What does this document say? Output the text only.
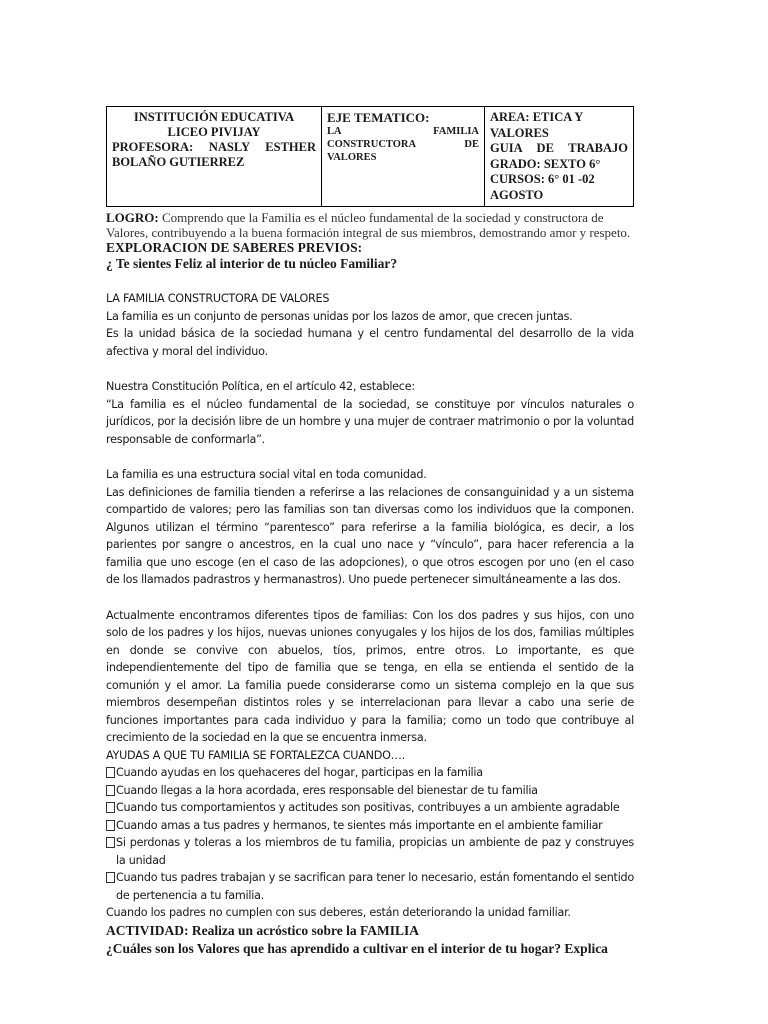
INSTITUCIÓN EDUCATIVA
LICEO PIVIJAY
PROFESORA: NASLY ESTHER
BOLAÑO GUTIERREZ

EJE TEMATICO:
LA FAMILIA
CONSTRUCTORA DE
VALORES

AREA: ETICA Y VALORES
GUIA DE TRABAJO
GRADO: SEXTO 6°
CURSOS: 6° 01 -02 AGOSTO
LOGRO: Comprendo que la Familia es el núcleo fundamental de la sociedad y constructora de Valores, contribuyendo a la buena formación integral de sus miembros, demostrando amor y respeto.
EXPLORACION DE SABERES PREVIOS:
¿ Te sientes Feliz al interior de tu núcleo Familiar?
LA FAMILIA CONSTRUCTORA DE VALORES
La familia es un conjunto de personas unidas por los lazos de amor, que crecen juntas.
Es la unidad básica de la sociedad humana y el centro fundamental del desarrollo de la vida afectiva y moral del individuo.
Nuestra Constitución Política, en el artículo 42, establece:
“La familia es el núcleo fundamental de la sociedad, se constituye por vínculos naturales o jurídicos, por la decisión libre de un hombre y una mujer de contraer matrimonio o por la voluntad responsable de conformarla”.
La familia es una estructura social vital en toda comunidad.
Las definiciones de familia tienden a referirse a las relaciones de consanguinidad y a un sistema compartido de valores; pero las familias son tan diversas como los individuos que la componen. Algunos utilizan el término “parentesco” para referirse a la familia biológica, es decir, a los parientes por sangre o ancestros, en la cual uno nace y “vínculo”, para hacer referencia a la familia que uno escoge (en el caso de las adopciones), o que otros escogen por uno (en el caso de los llamados padrastros y hermanastros). Uno puede pertenecer simultáneamente a las dos.
Actualmente encontramos diferentes tipos de familias: Con los dos padres y sus hijos, con uno solo de los padres y los hijos, nuevas uniones conyugales y los hijos de los dos, familias múltiples en donde se convive con abuelos, tíos, primos, entre otros. Lo importante, es que independientemente del tipo de familia que se tenga, en ella se entienda el sentido de la comunión y el amor. La familia puede considerarse como un sistema complejo en la que sus miembros desempeñan distintos roles y se interrelacionan para llevar a cabo una serie de funciones importantes para cada individuo y para la familia; como un todo que contribuye al crecimiento de la sociedad en la que se encuentra inmersa.
AYUDAS A QUE TU FAMILIA SE FORTALEZCA CUANDO….
Cuando ayudas en los quehaceres del hogar, participas en la familia
Cuando llegas a la hora acordada, eres responsable del bienestar de tu familia
Cuando tus comportamientos y actitudes son positivas, contribuyes a un ambiente agradable
Cuando amas a tus padres y hermanos, te sientes más importante en el ambiente familiar
Si perdonas y toleras a los miembros de tu familia, propicias un ambiente de paz y construyes la unidad
Cuando tus padres trabajan y se sacrifican para tener lo necesario, están fomentando el sentido de pertenencia a tu familia.
Cuando los padres no cumplen con sus deberes, están deteriorando la unidad familiar.
ACTIVIDAD: Realiza un acróstico sobre la FAMILIA
¿Cuáles son los Valores que has aprendido a cultivar en el interior de tu hogar? Explica
